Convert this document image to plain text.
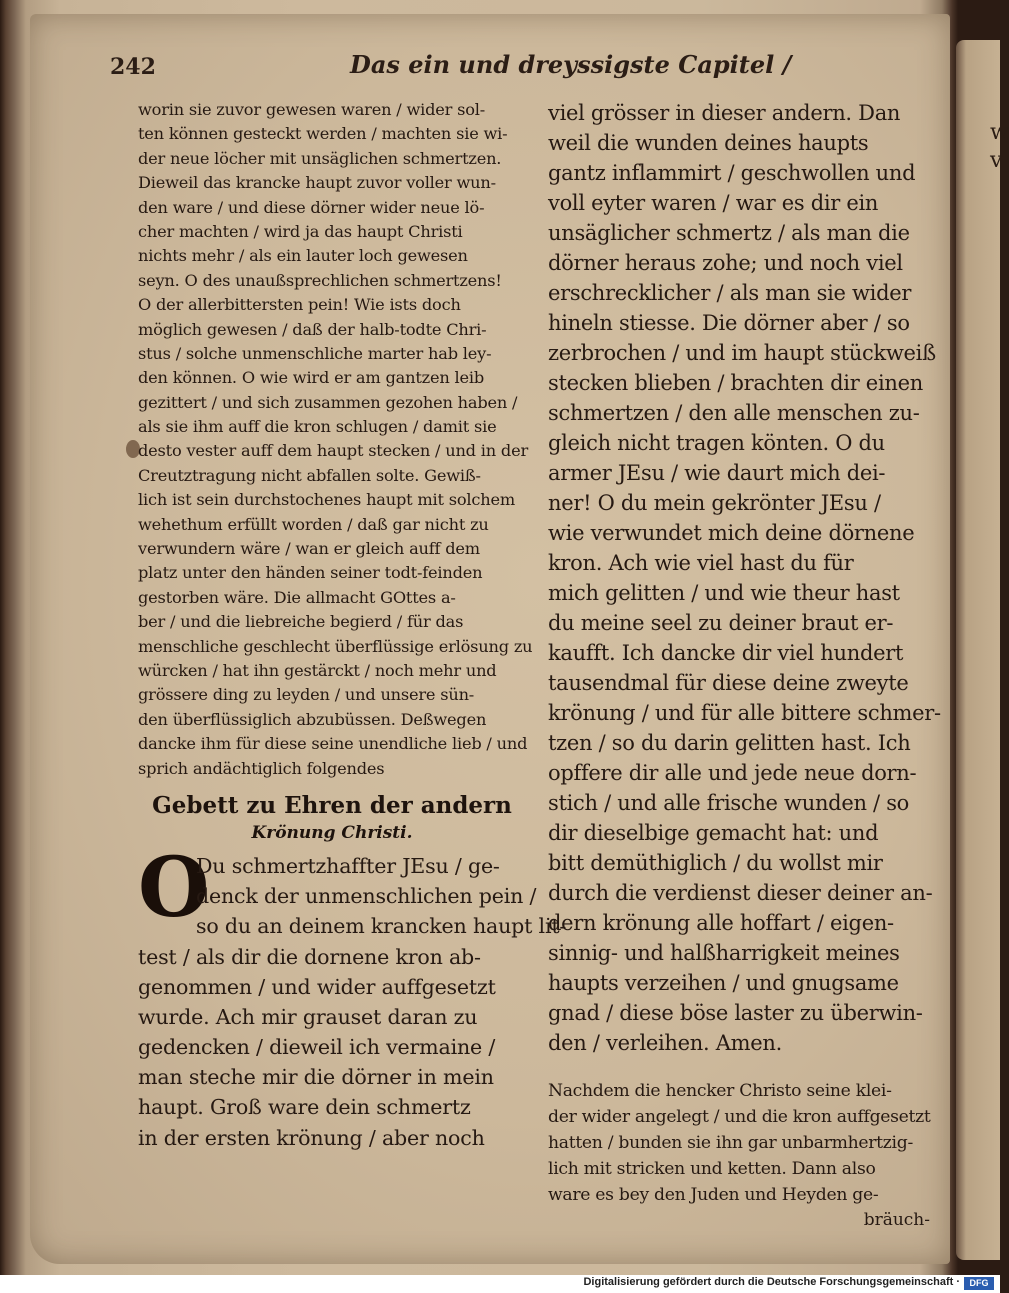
w
v
242	Das ein und dreyssigste Capitel /
worin sie zuvor gewesen waren / wider sol-
ten können gesteckt werden / machten sie wi-
der neue löcher mit unsäglichen schmertzen.
Dieweil das krancke haupt zuvor voller wun-
den ware / und diese dörner wider neue lö-
cher machten / wird ja das haupt Christi
nichts mehr / als ein lauter loch gewesen
seyn. O des unaußsprechlichen schmertzens!
O der allerbittersten pein! Wie ists doch
möglich gewesen / daß der halb-todte Chri-
stus / solche unmenschliche marter hab ley-
den können. O wie wird er am gantzen leib
gezittert / und sich zusammen gezohen haben /
als sie ihm auff die kron schlugen / damit sie
desto vester auff dem haupt stecken / und in der
Creutztragung nicht abfallen solte. Gewiß-
lich ist sein durchstochenes haupt mit solchem
wehethum erfüllt worden / daß gar nicht zu
verwundern wäre / wan er gleich auff dem
platz unter den händen seiner todt-feinden
gestorben wäre. Die allmacht GOttes a-
ber / und die liebreiche begierd / für das
menschliche geschlecht überflüssige erlösung zu
würcken / hat ihn gestärckt / noch mehr und
grössere ding zu leyden / und unsere sün-
den überflüssiglich abzubüssen. Deßwegen
dancke ihm für diese seine unendliche lieb / und
sprich andächtiglich folgendes
Gebett zu Ehren der andern
Krönung Christi.
O
Du schmertzhaffter JEsu / ge-
denck der unmenschlichen pein /
so du an deinem krancken haupt lit-
test / als dir die dornene kron ab-
genommen / und wider auffgesetzt
wurde. Ach mir grauset daran zu
gedencken / dieweil ich vermaine /
man steche mir die dörner in mein
haupt. Groß ware dein schmertz
in der ersten krönung / aber noch
viel grösser in dieser andern. Dan
weil die wunden deines haupts
gantz inflammirt / geschwollen und
voll eyter waren / war es dir ein
unsäglicher schmertz / als man die
dörner heraus zohe; und noch viel
erschrecklicher / als man sie wider
hineln stiesse. Die dörner aber / so
zerbrochen / und im haupt stückweiß
stecken blieben / brachten dir einen
schmertzen / den alle menschen zu-
gleich nicht tragen könten. O du
armer JEsu / wie daurt mich dei-
ner! O du mein gekrönter JEsu /
wie verwundet mich deine dörnene
kron. Ach wie viel hast du für
mich gelitten / und wie theur hast
du meine seel zu deiner braut er-
kaufft. Ich dancke dir viel hundert
tausendmal für diese deine zweyte
krönung / und für alle bittere schmer-
tzen / so du darin gelitten hast. Ich
opffere dir alle und jede neue dorn-
stich / und alle frische wunden / so
dir dieselbige gemacht hat: und
bitt demüthiglich / du wollst mir
durch die verdienst dieser deiner an-
dern krönung alle hoffart / eigen-
sinnig- und halßharrigkeit meines
haupts verzeihen / und gnugsame
gnad / diese böse laster zu überwin-
den / verleihen. Amen.
Nachdem die hencker Christo seine klei-
der wider angelegt / und die kron auffgesetzt
hatten / bunden sie ihn gar unbarmhertzig-
lich mit stricken und ketten. Dann also
ware es bey den Juden und Heyden ge-
bräuch-
Digitalisierung gefördert durch die Deutsche Forschungsgemeinschaft ·	DFG
